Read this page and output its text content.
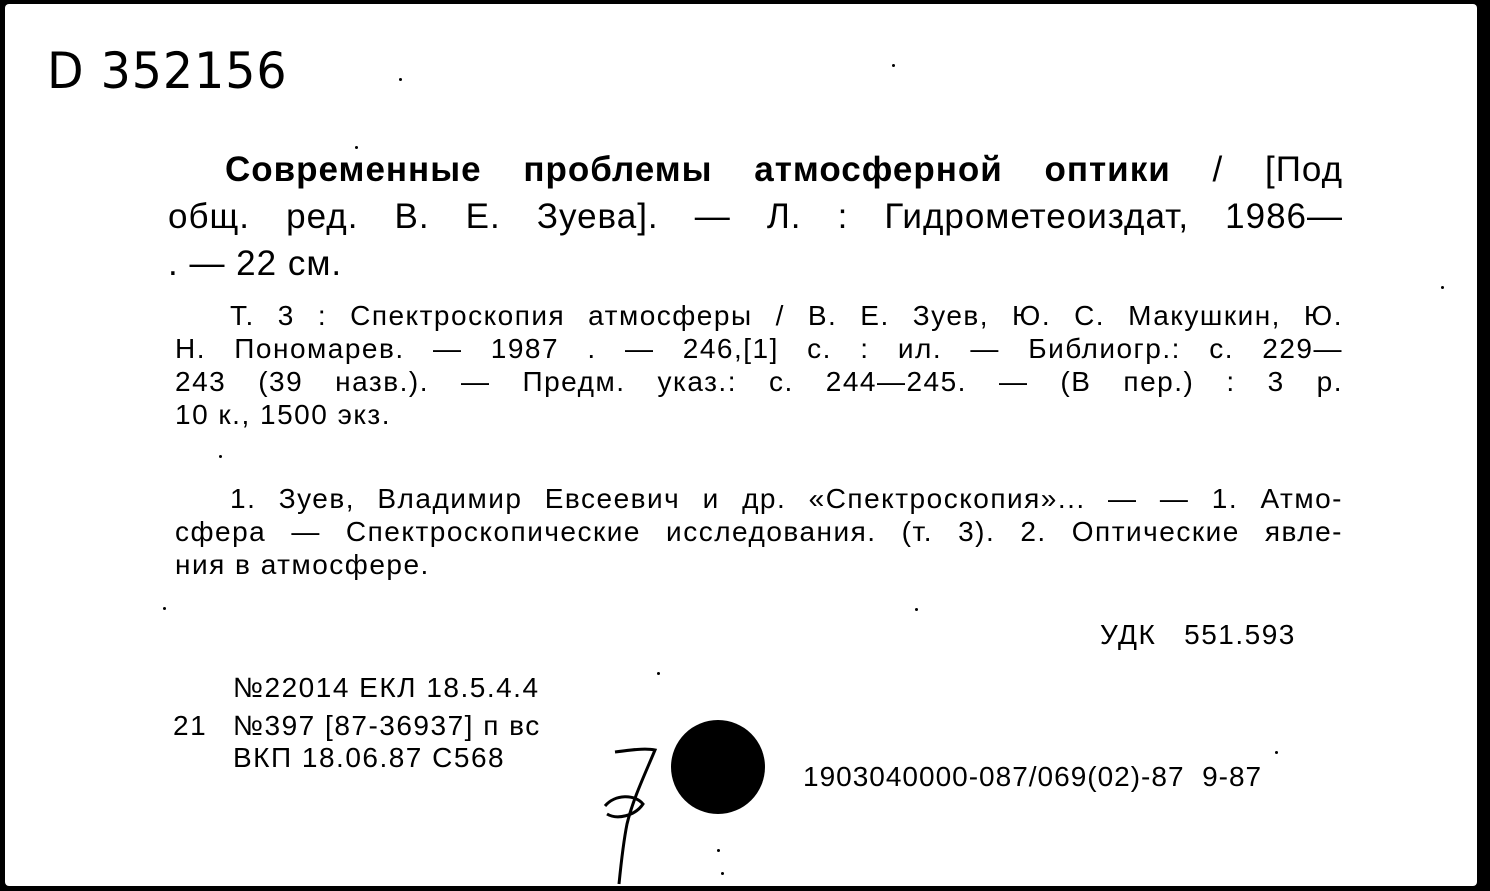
D 352156
Современные проблемы атмосферной оптики / [Под
общ. ред. В. Е. Зуева]. — Л. : Гидрометеоиздат, 1986—
. — 22 см.
Т. 3 : Спектроскопия атмосферы / В. Е. Зуев, Ю. С. Макушкин, Ю.
Н. Пономарев. — 1987 . — 246,[1] с. : ил. — Библиогр.: с. 229—
243 (39 назв.). — Предм. указ.: с. 244—245. — (В пер.) : 3 р.
10 к., 1500 экз.
1. Зуев, Владимир Евсеевич и др. «Спектроскопия»... — — 1. Атмо-
сфера — Спектроскопические исследования. (т. 3). 2. Оптические явле-
ния в атмосфере.
УДК   551.593
№22014 ЕКЛ 18.5.4.4
21 №397 [87-36937] п вс
ВКП 18.06.87 С568
1903040000-087/069(02)-87  9-87
